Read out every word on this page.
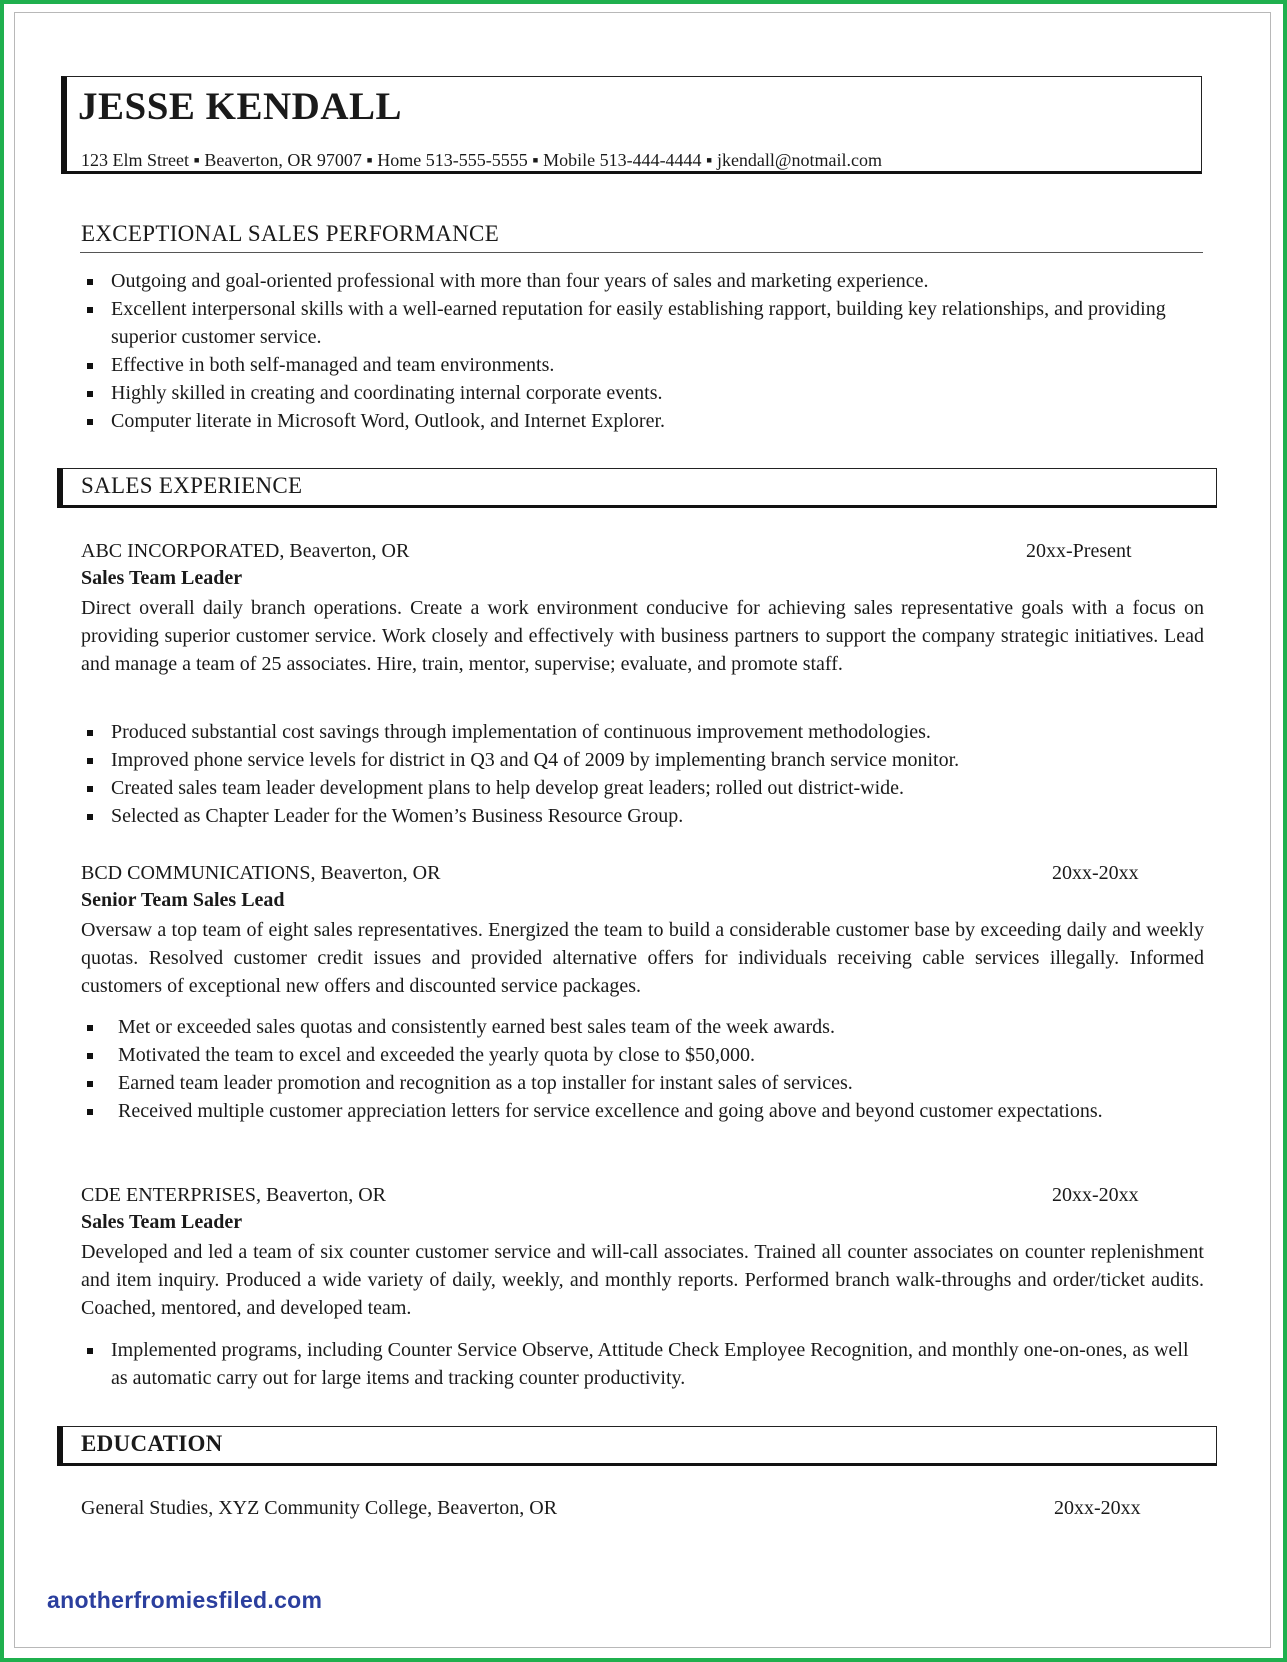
JESSE KENDALL
123 Elm Street ▪ Beaverton, OR 97007 ▪ Home 513-555-5555 ▪ Mobile 513-444-4444 ▪ jkendall@notmail.com
EXCEPTIONAL SALES PERFORMANCE
Outgoing and goal-oriented professional with more than four years of sales and marketing experience.
Excellent interpersonal skills with a well-earned reputation for easily establishing rapport, building key relationships, and providing superior customer service.
Effective in both self-managed and team environments.
Highly skilled in creating and coordinating internal corporate events.
Computer literate in Microsoft Word, Outlook, and Internet Explorer.
SALES EXPERIENCE
ABC INCORPORATED, Beaverton, OR	20xx-Present
Sales Team Leader
Direct overall daily branch operations. Create a work environment conducive for achieving sales representative goals with a focus on providing superior customer service. Work closely and effectively with business partners to support the company strategic initiatives. Lead and manage a team of 25 associates. Hire, train, mentor, supervise; evaluate, and promote staff.
Produced substantial cost savings through implementation of continuous improvement methodologies.
Improved phone service levels for district in Q3 and Q4 of 2009 by implementing branch service monitor.
Created sales team leader development plans to help develop great leaders; rolled out district-wide.
Selected as Chapter Leader for the Women’s Business Resource Group.
BCD COMMUNICATIONS, Beaverton, OR	20xx-20xx
Senior Team Sales Lead
Oversaw a top team of eight sales representatives. Energized the team to build a considerable customer base by exceeding daily and weekly quotas. Resolved customer credit issues and provided alternative offers for individuals receiving cable services illegally. Informed customers of exceptional new offers and discounted service packages.
Met or exceeded sales quotas and consistently earned best sales team of the week awards.
Motivated the team to excel and exceeded the yearly quota by close to $50,000.
Earned team leader promotion and recognition as a top installer for instant sales of services.
Received multiple customer appreciation letters for service excellence and going above and beyond customer expectations.
CDE ENTERPRISES, Beaverton, OR	20xx-20xx
Sales Team Leader
Developed and led a team of six counter customer service and will-call associates. Trained all counter associates on counter replenishment and item inquiry. Produced a wide variety of daily, weekly, and monthly reports. Performed branch walk-throughs and order/ticket audits. Coached, mentored, and developed team.
Implemented programs, including Counter Service Observe, Attitude Check Employee Recognition, and monthly one-on-ones, as well as automatic carry out for large items and tracking counter productivity.
EDUCATION
General Studies, XYZ Community College, Beaverton, OR	20xx-20xx
anotherfromiesfiled.com
